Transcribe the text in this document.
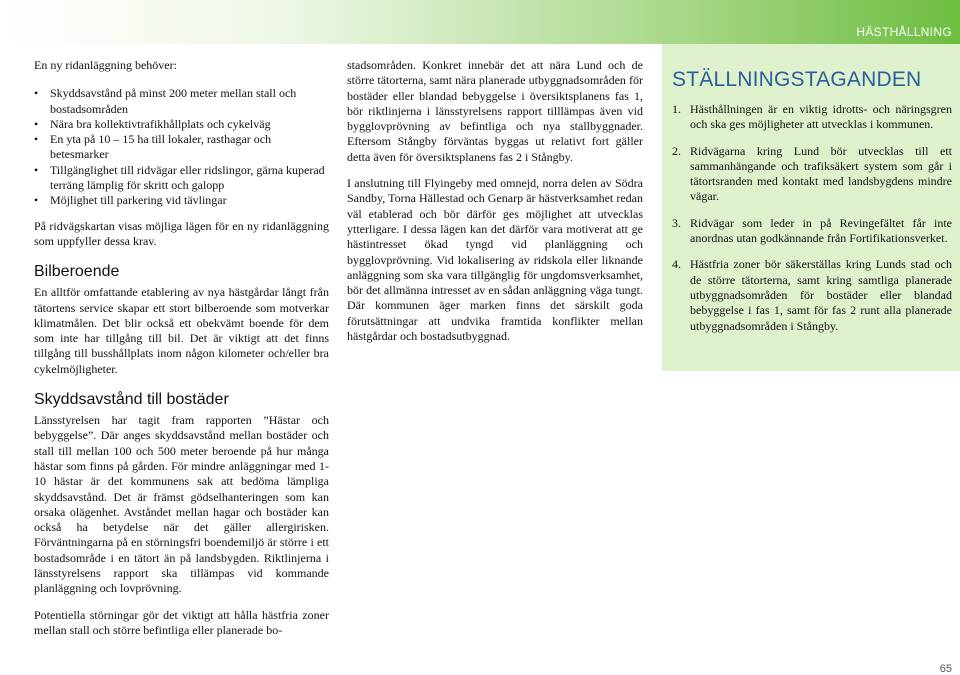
HÄSTHÅLLNING

En ny ridanläggning behöver:

• Skyddsavstånd på minst 200 meter mellan stall och bostadsområden
• Nära bra kollektivtrafikhållplats och cykelväg
• En yta på 10 – 15 ha till lokaler, rasthagar och betesmarker
• Tillgänglighet till ridvägar eller ridslingor, gärna kuperad terräng lämplig för skritt och galopp
• Möjlighet till parkering vid tävlingar

På ridvägskartan visas möjliga lägen för en ny ridanläggning som uppfyller dessa krav.

Bilberoende

En alltför omfattande etablering av nya hästgårdar långt från tätortens service skapar ett stort bilberoende som motverkar klimatmålen. Det blir också ett obekvämt boende för dem som inte har tillgång till bil. Det är viktigt att det finns tillgång till busshållplats inom någon kilometer och/eller bra cykelmöjligheter.

Skyddsavstånd till bostäder

Länsstyrelsen har tagit fram rapporten ”Hästar och bebyggelse”. Där anges skyddsavstånd mellan bostäder och stall till mellan 100 och 500 meter beroende på hur många hästar som finns på gården. För mindre anläggningar med 1-10 hästar är det kommunens sak att bedöma lämpliga skyddsavstånd. Det är främst gödselhanteringen som kan orsaka olägenhet. Avståndet mellan hagar och bostäder kan också ha betydelse när det gäller allergirisken. Förväntningarna på en störningsfri boendemiljö är större i ett bostadsområde i en tätort än på landsbygden. Riktlinjerna i länsstyrelsens rapport ska tillämpas vid kommande planläggning och lovprövning.

Potentiella störningar gör det viktigt att hålla hästfria zoner mellan stall och större befintliga eller planerade bo-

stadsområden. Konkret innebär det att nära Lund och de större tätorterna, samt nära planerade utbyggnadsområden för bostäder eller blandad bebyggelse i översiktsplanens fas 1, bör riktlinjerna i länsstyrelsens rapport tilllämpas även vid bygglovprövning av befintliga och nya stallbyggnader. Eftersom Stångby förväntas byggas ut relativt fort gäller detta även för översiktsplanens fas 2 i Stångby.

I anslutning till Flyingeby med omnejd, norra delen av Södra Sandby, Torna Hällestad och Genarp är hästverksamhet redan väl etablerad och bör därför ges möjlighet att utvecklas ytterligare. I dessa lägen kan det därför vara motiverat att ge hästintresset ökad tyngd vid planläggning och bygglovprövning. Vid lokalisering av ridskola eller liknande anläggning som ska vara tillgänglig för ungdomsverksamhet, bör det allmänna intresset av en sådan anläggning väga tungt. Där kommunen äger marken finns det särskilt goda förutsättningar att undvika framtida konflikter mellan hästgårdar och bostadsutbyggnad.

STÄLLNINGSTAGANDEN
1. Hästhållningen är en viktig idrotts- och näringsgren och ska ges möjligheter att utvecklas i kommunen.
2. Ridvägarna kring Lund bör utvecklas till ett sammanhängande och trafiksäkert system som går i tätortsranden med kontakt med landsbygdens mindre vägar.
3. Ridvägar som leder in på Revingefältet får inte anordnas utan godkännande från Fortifikationsverket.
4. Hästfria zoner bör säkerställas kring Lunds stad och de större tätorterna, samt kring samtliga planerade utbyggnadsområden för bostäder eller blandad bebyggelse i fas 1, samt för fas 2 runt alla planerade utbyggnadsområden i Stångby.
65
